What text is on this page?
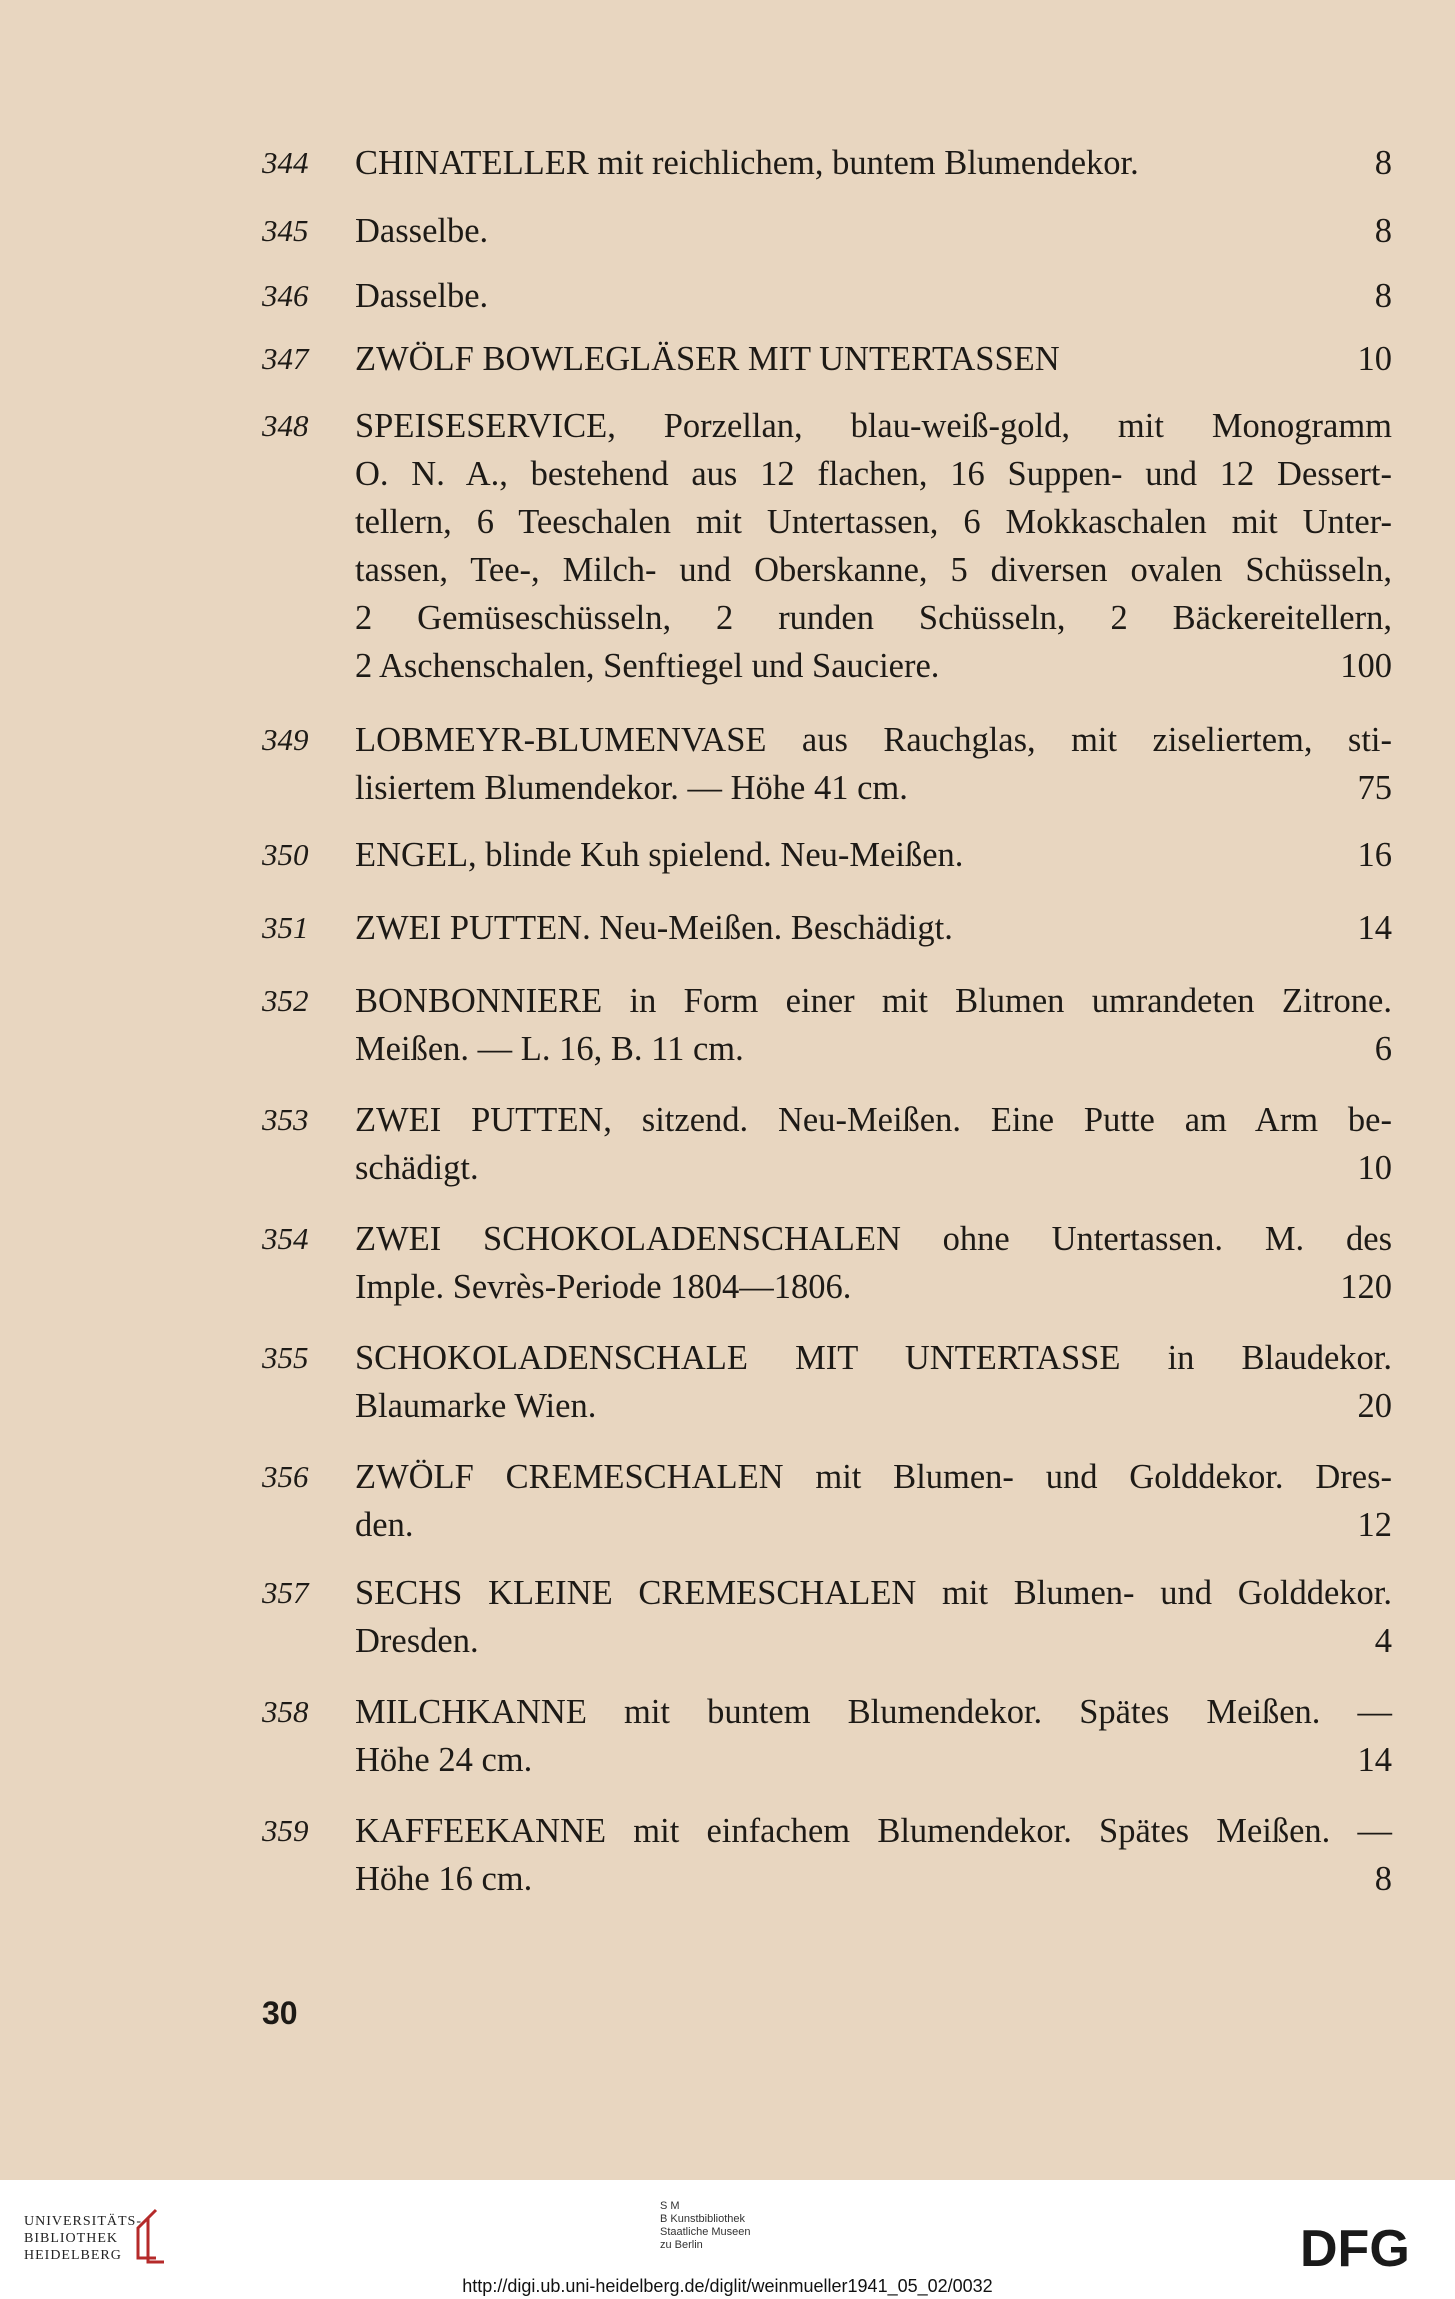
344	CHINATELLER mit reichlichem, buntem Blumendekor.	8
345	Dasselbe.	8
346	Dasselbe.	8
347	ZWÖLF BOWLEGLÄSER MIT UNTERTASSEN	10
348	SPEISESERVICE, Porzellan, blau-weiß-gold, mit Monogramm
O. N. A., bestehend aus 12 flachen, 16 Suppen- und 12 Dessert-
tellern, 6 Teeschalen mit Untertassen, 6 Mokkaschalen mit Unter-
tassen, Tee-, Milch- und Oberskanne, 5 diversen ovalen Schüsseln,
2 Gemüseschüsseln, 2 runden Schüsseln, 2 Bäckereitellern,
2 Aschenschalen, Senftiegel und Sauciere.	100
349	LOBMEYR-BLUMENVASE aus Rauchglas, mit ziseliertem, sti-
lisiertem Blumendekor. — Höhe 41 cm.	75
350	ENGEL, blinde Kuh spielend. Neu-Meißen.	16
351	ZWEI PUTTEN. Neu-Meißen. Beschädigt.	14
352	BONBONNIERE in Form einer mit Blumen umrandeten Zitrone.
Meißen. — L. 16, B. 11 cm.	6
353	ZWEI PUTTEN, sitzend. Neu-Meißen. Eine Putte am Arm be-
schädigt.	10
354	ZWEI SCHOKOLADENSCHALEN ohne Untertassen. M. des
Imple. Sevrès-Periode 1804—1806.	120
355	SCHOKOLADENSCHALE MIT UNTERTASSE in Blaudekor.
Blaumarke Wien.	20
356	ZWÖLF CREMESCHALEN mit Blumen- und Golddekor. Dres-
den.	12
357	SECHS KLEINE CREMESCHALEN mit Blumen- und Golddekor.
Dresden.	4
358	MILCHKANNE mit buntem Blumendekor. Spätes Meißen. —
Höhe 24 cm.	14
359	KAFFEEKANNE mit einfachem Blumendekor. Spätes Meißen. —
Höhe 16 cm.	8
30
UNIVERSITÄTS-
BIBLIOTHEK
HEIDELBERG
S M
B Kunstbibliothek
Staatliche Museen
zu Berlin	DFG
http://digi.ub.uni-heidelberg.de/diglit/weinmueller1941_05_02/0032
